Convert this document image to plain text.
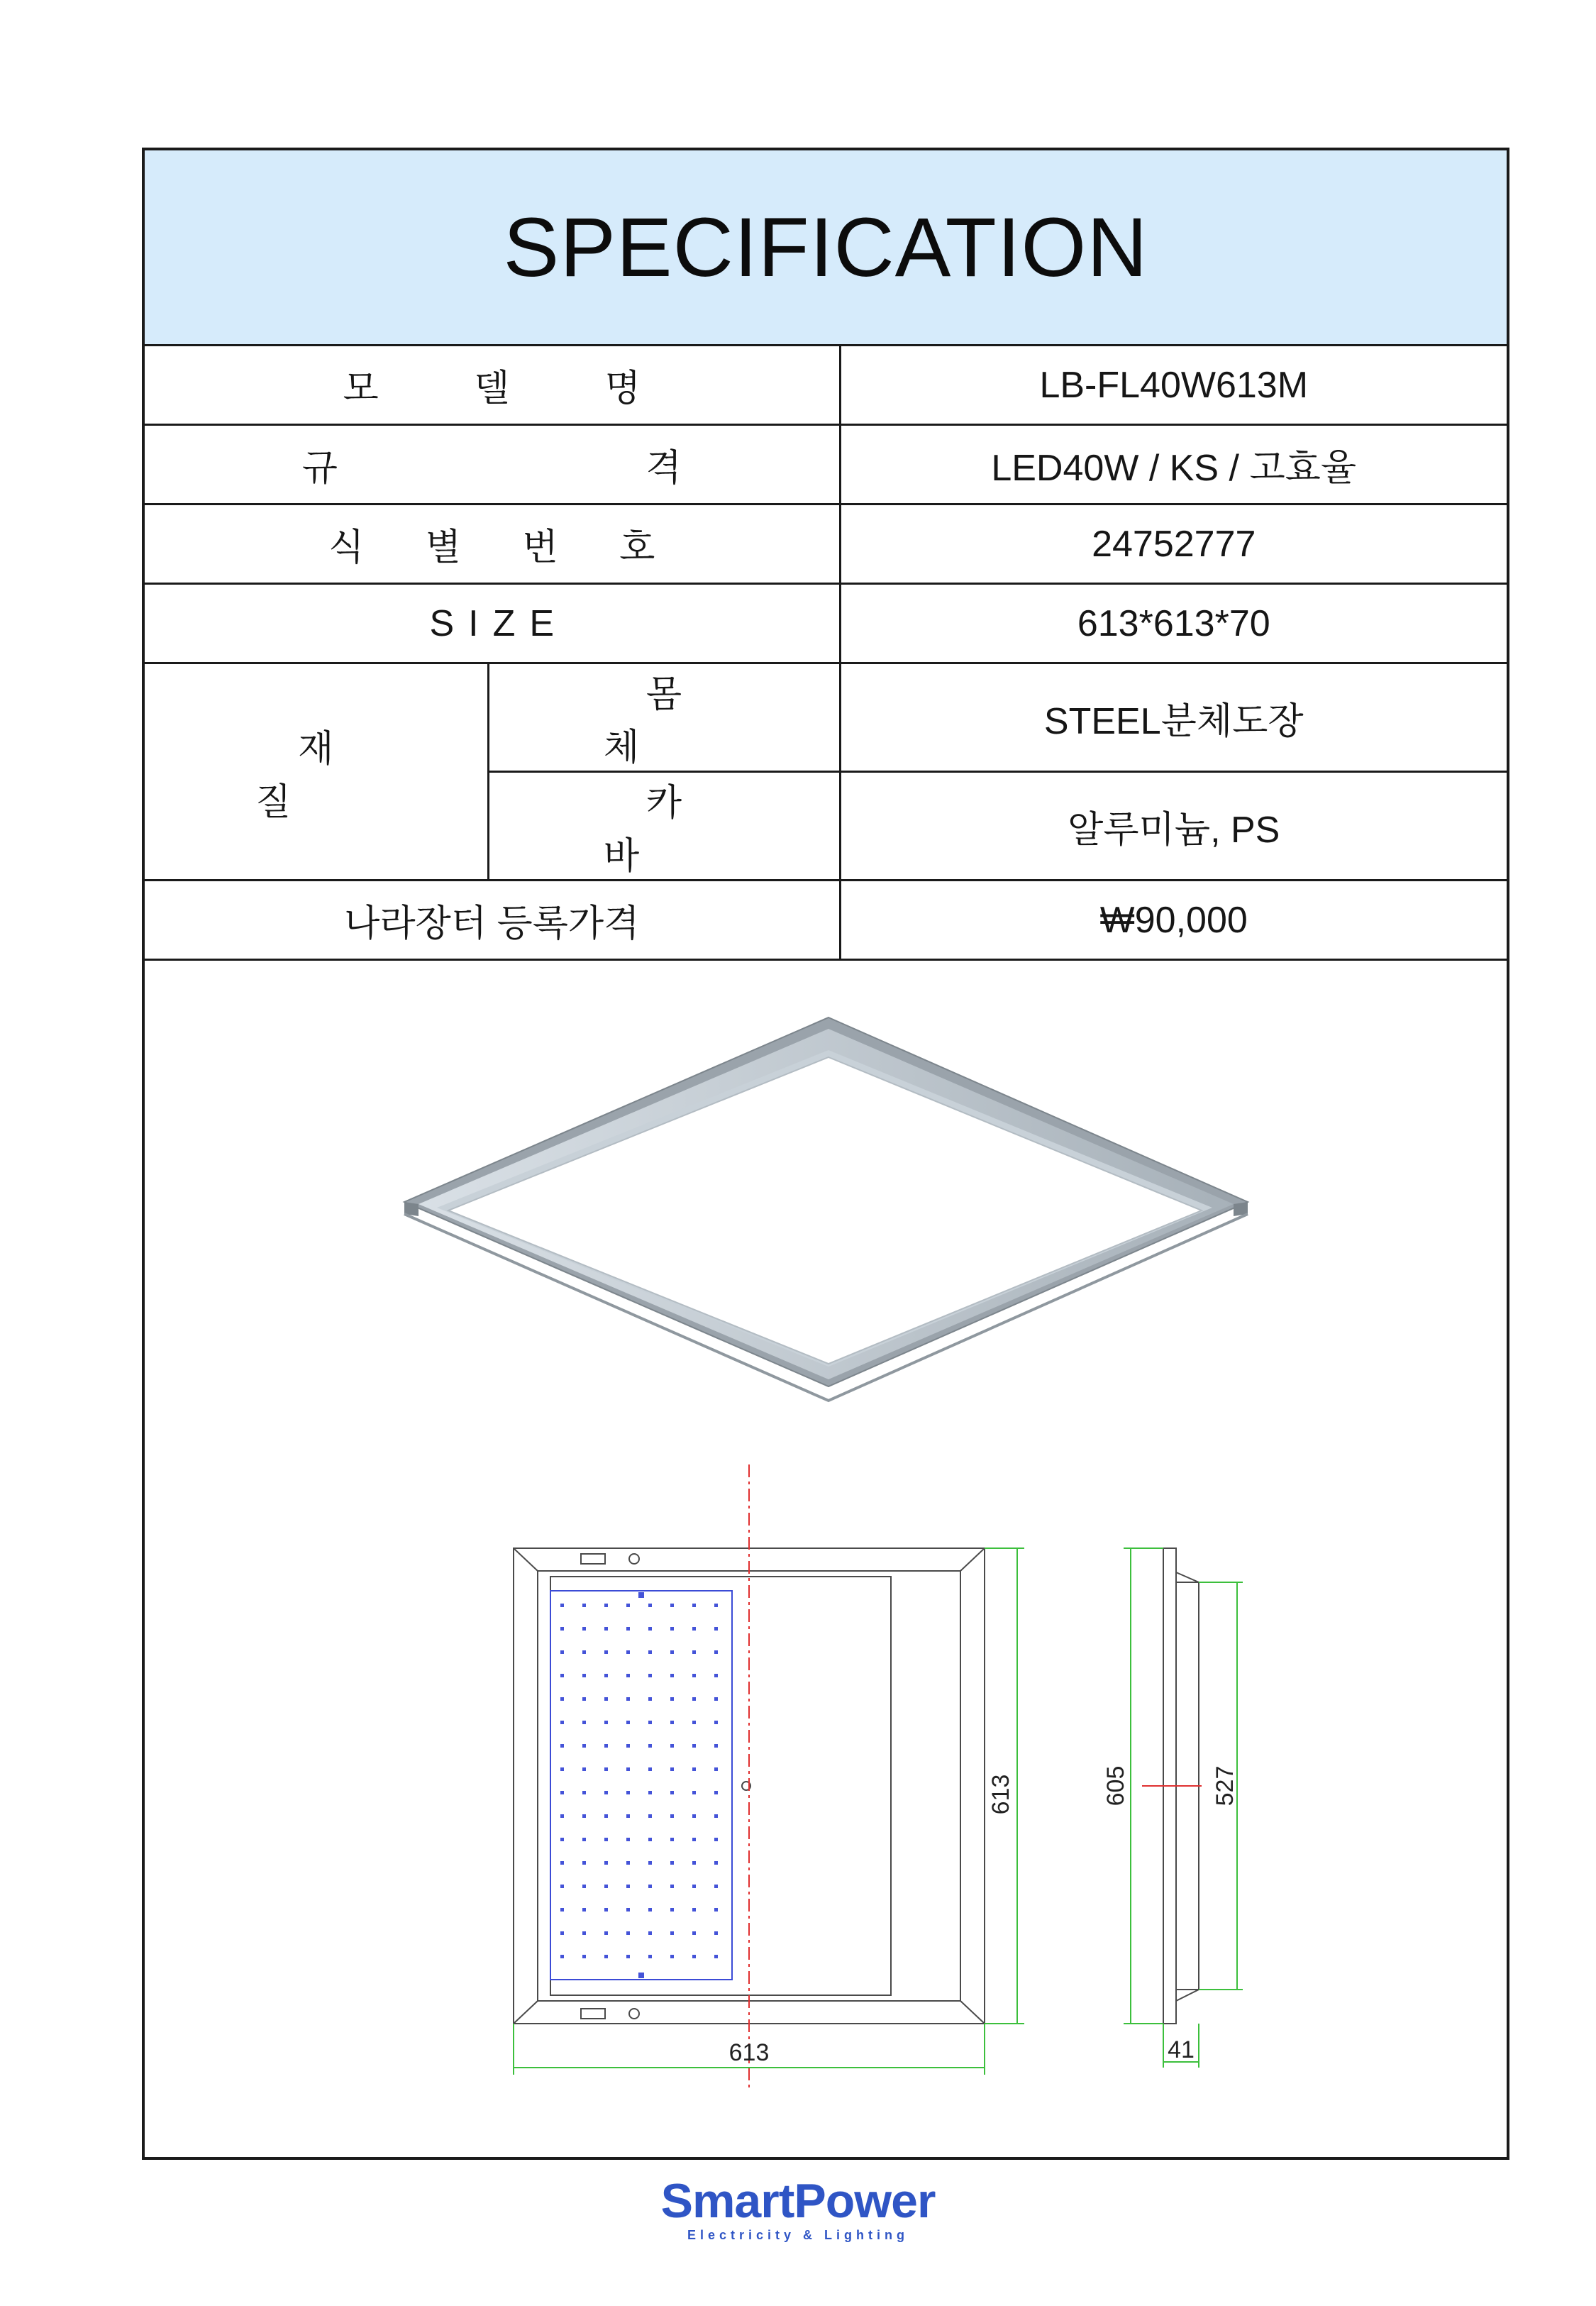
SPECIFICATION
모 델 명		LB-FL40W613M
규 격		LED40W / KS / 고효율
식 별 번 호		24752777
SIZE		613*613*70
재 질	몸 체	STEEL분체도장
	카 바	알루미늄, PS
나라장터 등록가격		₩90,000
613
613
605	527
41
SmartPower
Electricity & Lighting
